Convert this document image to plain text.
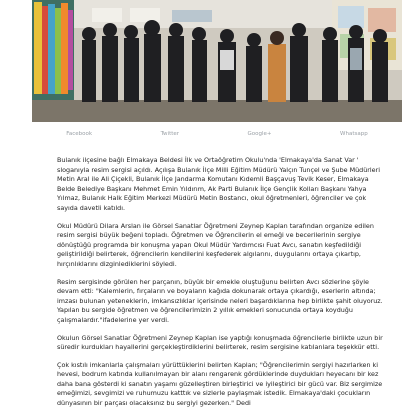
Facebook	Twitter	Google+	Whatsapp

Bulanık ilçesine bağlı Elmakaya Beldesi İlk ve Ortaöğretim Okulu'nda 'Elmakaya'da Sanat Var ' sloganıyla resim sergisi açıldı. Açılışa Bulanık İlçe Milli Eğitim Müdürü Yalçın Tunçel ve Şube Müdürleri Metin Aral ile Ali Çiçekli, Bulanık İlçe Jandarma Komutanı Kıdemli Başçavuş Tevik Keser, Elmakaya Belde Belediye Başkanı Mehmet Emin Yıldırım, Ak Parti Bulanık İlçe Gençlik Kolları Başkanı Yahya Yılmaz, Bulanık Halk Eğitim Merkezi Müdürü Metin Bostancı, okul öğretmenleri, öğrenciler ve çok sayıda davetli katıldı.

Okul Müdürü Dilara Arslan ile Görsel Sanatlar Öğretmeni Zeynep Kaplan tarafından organize edilen resim sergisi büyük beğeni topladı. Öğretmen ve Öğrencilerin el emeği ve becerilerinin sergiye dönüştüğü programda bir konuşma yapan Okul Müdür Yardımcısı Fuat Avcı, sanatın keşfedildiği geliştirildiği belirterek, öğrencilerin kendilerini keşfederek algılarını, duygularını ortaya çıkartıp, hırçınlıklarını dizginlediklerini söyledi.

Resim sergisinde görülen her parçanın, büyük bir emekle oluştuğunu belirten Avcı sözlerine şöyle devam etti: "Kalemlerin, fırçaların ve boyaların kağıda dokunarak ortaya çıkardığı, eserlerin altında; imzası bulunan yeteneklerin, imkansızlıklar içerisinde neleri başardıklarına hep birlikte şahit oluyoruz. Yapılan bu sergide öğretmen ve öğrencilerimizin 2 yıllık emekleri sonucunda ortaya koyduğu çalışmalardır."ifadelerine yer verdi.

Okulun Görsel Sanatlar Öğretmeni Zeynep Kaplan ise yaptığı konuşmada öğrencilerle birlikte uzun bir süredir kurdukları hayallerini gerçekleştirdiklerini belirterek, resim sergisine katılanlara teşekkür etti.

Çok kıstılı imkanlarla çalışmaları yürüttüklerini belirten Kaplan; "Öğrencilerimin sergiyi hazırlarken ki hevesi, bodrum katında kullanılmayan bir alanı rengarenk gördüklerinde duydukları heyecanı bir kez daha bana gösterdi ki sanatın yaşamı güzelleştiren birleştirici ve iyileştirici bir gücü var. Biz sergimize emeğimizi, sevgimizi ve ruhumuzu katttık ve sizlerle paylaşmak istedik. Elmakaya'daki çocukların dünyasının bir parçası olacaksınız bu sergiyi gezerken." Dedi
